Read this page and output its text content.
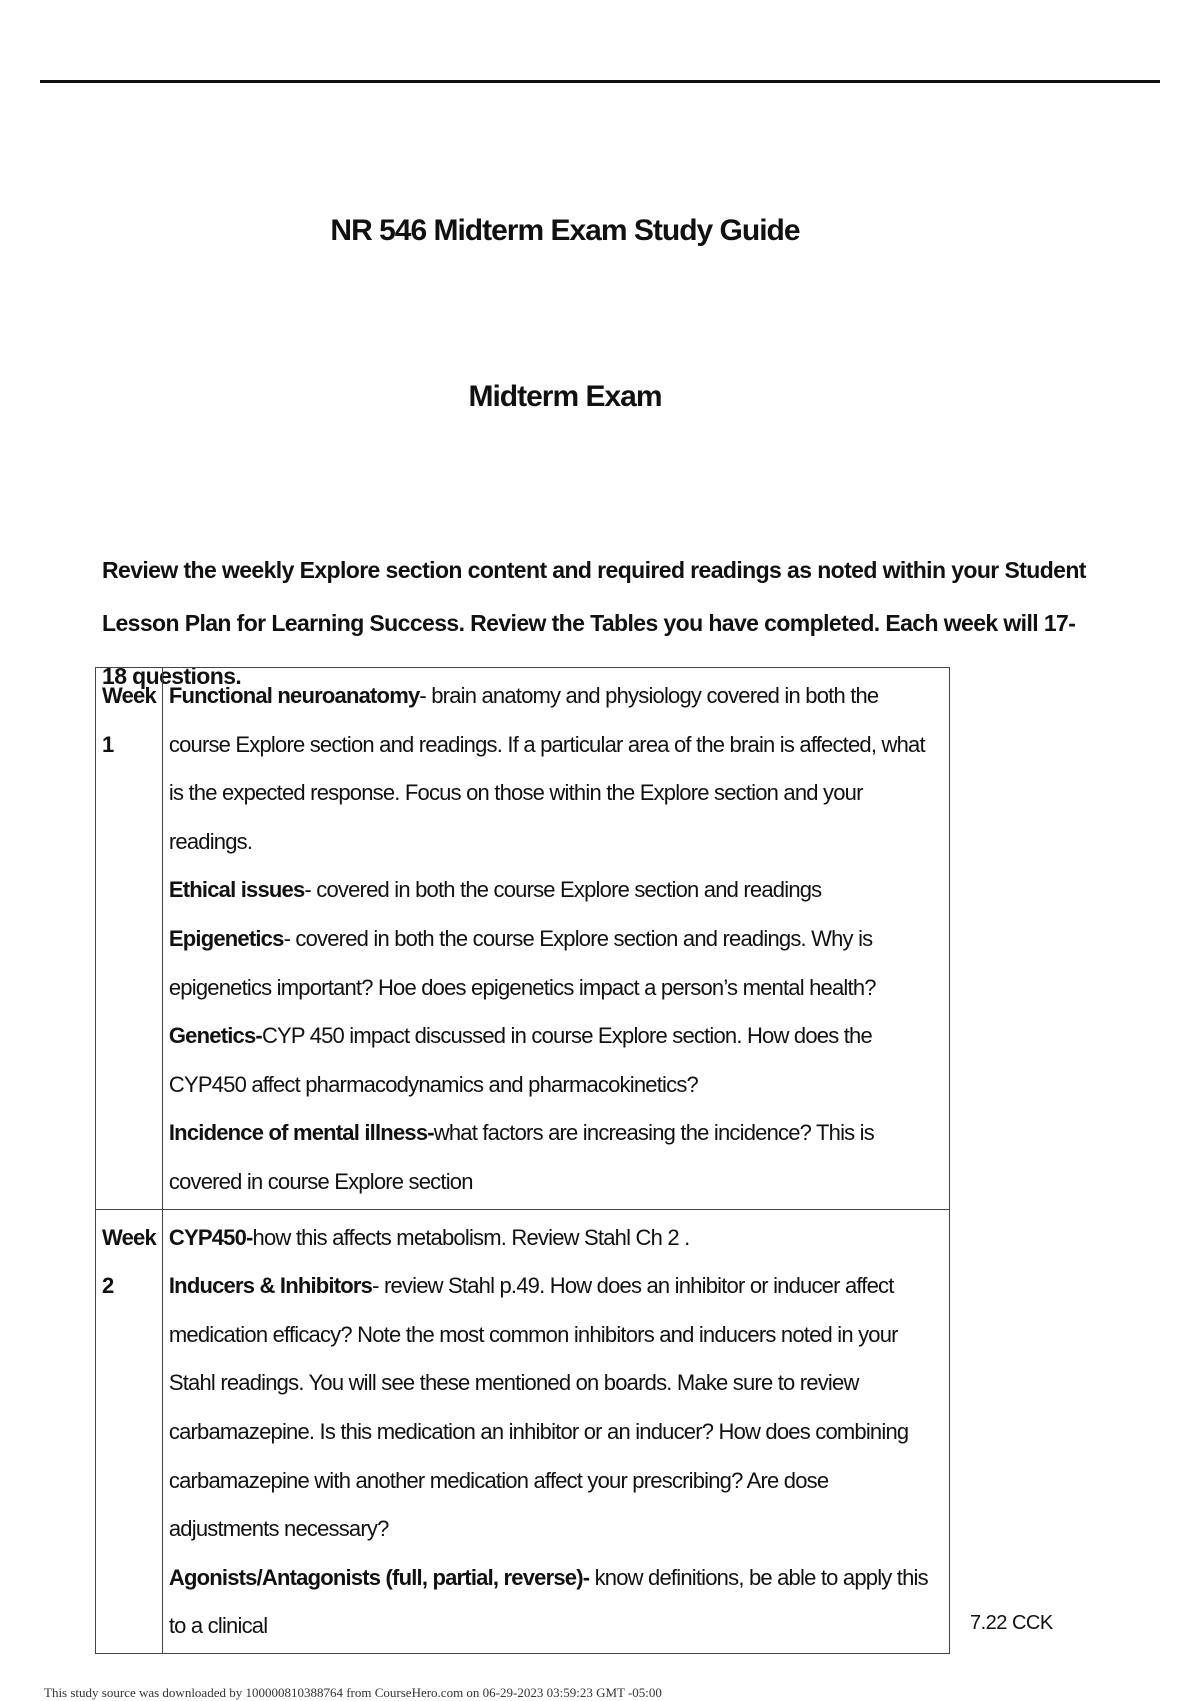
NR 546 Midterm Exam Study Guide
Midterm Exam
Review the weekly Explore section content and required readings as noted within your Student Lesson Plan for Learning Success. Review the Tables you have completed. Each week will 17-18 questions.
Week 1	Functional neuroanatomy- brain anatomy and physiology covered in both the course Explore section and readings. If a particular area of the brain is affected, what is the expected response. Focus on those within the Explore section and your readings.
Ethical issues- covered in both the course Explore section and readings
Epigenetics- covered in both the course Explore section and readings. Why is epigenetics important? Hoe does epigenetics impact a person’s mental health?
Genetics-CYP 450 impact discussed in course Explore section. How does the CYP450 affect pharmacodynamics and pharmacokinetics?
Incidence of mental illness-what factors are increasing the incidence? This is covered in course Explore section

Week 2	CYP450-how this affects metabolism. Review Stahl Ch 2 .
Inducers & Inhibitors- review Stahl p.49. How does an inhibitor or inducer affect medication efficacy? Note the most common inhibitors and inducers noted in your Stahl readings. You will see these mentioned on boards. Make sure to review carbamazepine. Is this medication an inhibitor or an inducer? How does combining carbamazepine with another medication affect your prescribing? Are dose adjustments necessary?
Agonists/Antagonists (full, partial, reverse)- know definitions, be able to apply this to a clinical	7.22 CCK
This study source was downloaded by 100000810388764 from CourseHero.com on 06-29-2023 03:59:23 GMT -05:00
